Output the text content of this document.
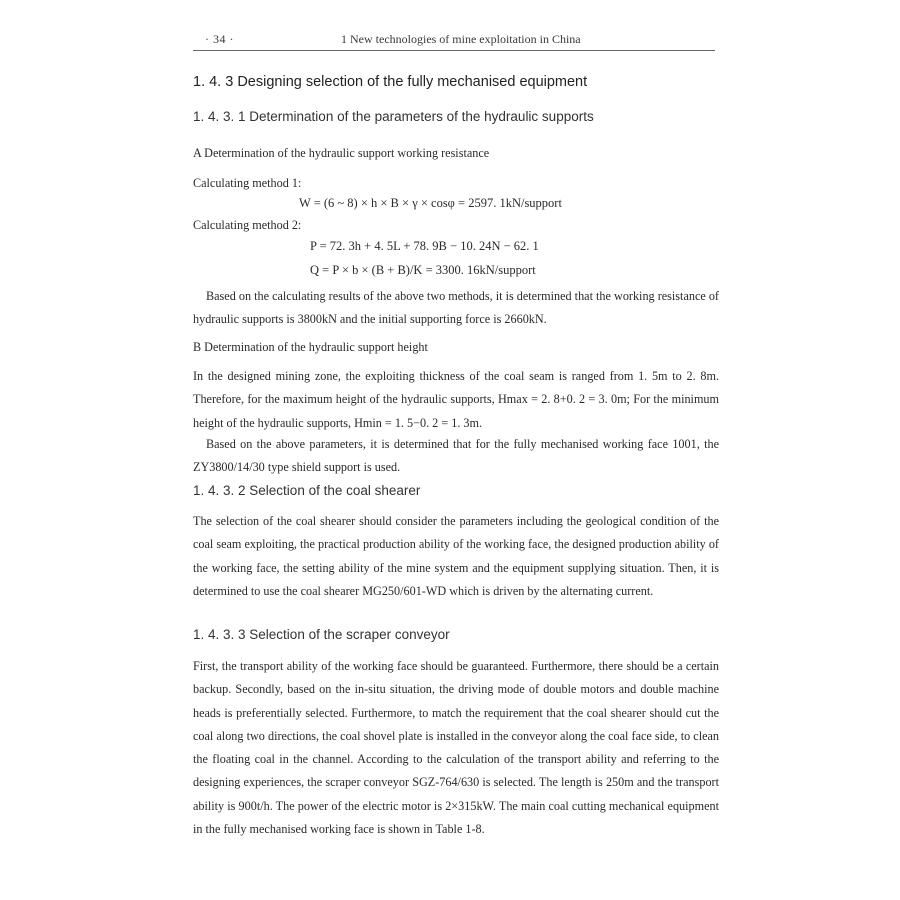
· 34 ·	1 New technologies of mine exploitation in China
1. 4. 3 Designing selection of the fully mechanised equipment
1. 4. 3. 1 Determination of the parameters of the hydraulic supports

A Determination of the hydraulic support working resistance

Calculating method 1:

W = (6 ~ 8) × h × B × γ × cosφ = 2597. 1kN/support

Calculating method 2:

P = 72. 3h + 4. 5L + 78. 9B − 10. 24N − 62. 1
Q = P × b × (B + B)/K = 3300. 16kN/support

Based on the calculating results of the above two methods, it is determined that the working resistance of hydraulic supports is 3800kN and the initial supporting force is 2660kN.

B Determination of the hydraulic support height

In the designed mining zone, the exploiting thickness of the coal seam is ranged from 1. 5m to 2. 8m. Therefore, for the maximum height of the hydraulic supports, Hmax = 2. 8+0. 2 = 3. 0m; For the minimum height of the hydraulic supports, Hmin = 1. 5−0. 2 = 1. 3m.

Based on the above parameters, it is determined that for the fully mechanised working face 1001, the ZY3800/14/30 type shield support is used.

1. 4. 3. 2 Selection of the coal shearer

The selection of the coal shearer should consider the parameters including the geological condition of the coal seam exploiting, the practical production ability of the working face, the designed production ability of the working face, the setting ability of the mine system and the equipment supplying situation. Then, it is determined to use the coal shearer MG250/601-WD which is driven by the alternating current.

1. 4. 3. 3 Selection of the scraper conveyor

First, the transport ability of the working face should be guaranteed. Furthermore, there should be a certain backup. Secondly, based on the in-situ situation, the driving mode of double motors and double machine heads is preferentially selected. Furthermore, to match the requirement that the coal shearer should cut the coal along two directions, the coal shovel plate is installed in the conveyor along the coal face side, to clean the floating coal in the channel. According to the calculation of the transport ability and referring to the designing experiences, the scraper conveyor SGZ-764/630 is selected. The length is 250m and the transport ability is 900t/h. The power of the electric motor is 2×315kW. The main coal cutting mechanical equipment in the fully mechanised working face is shown in Table 1-8.
